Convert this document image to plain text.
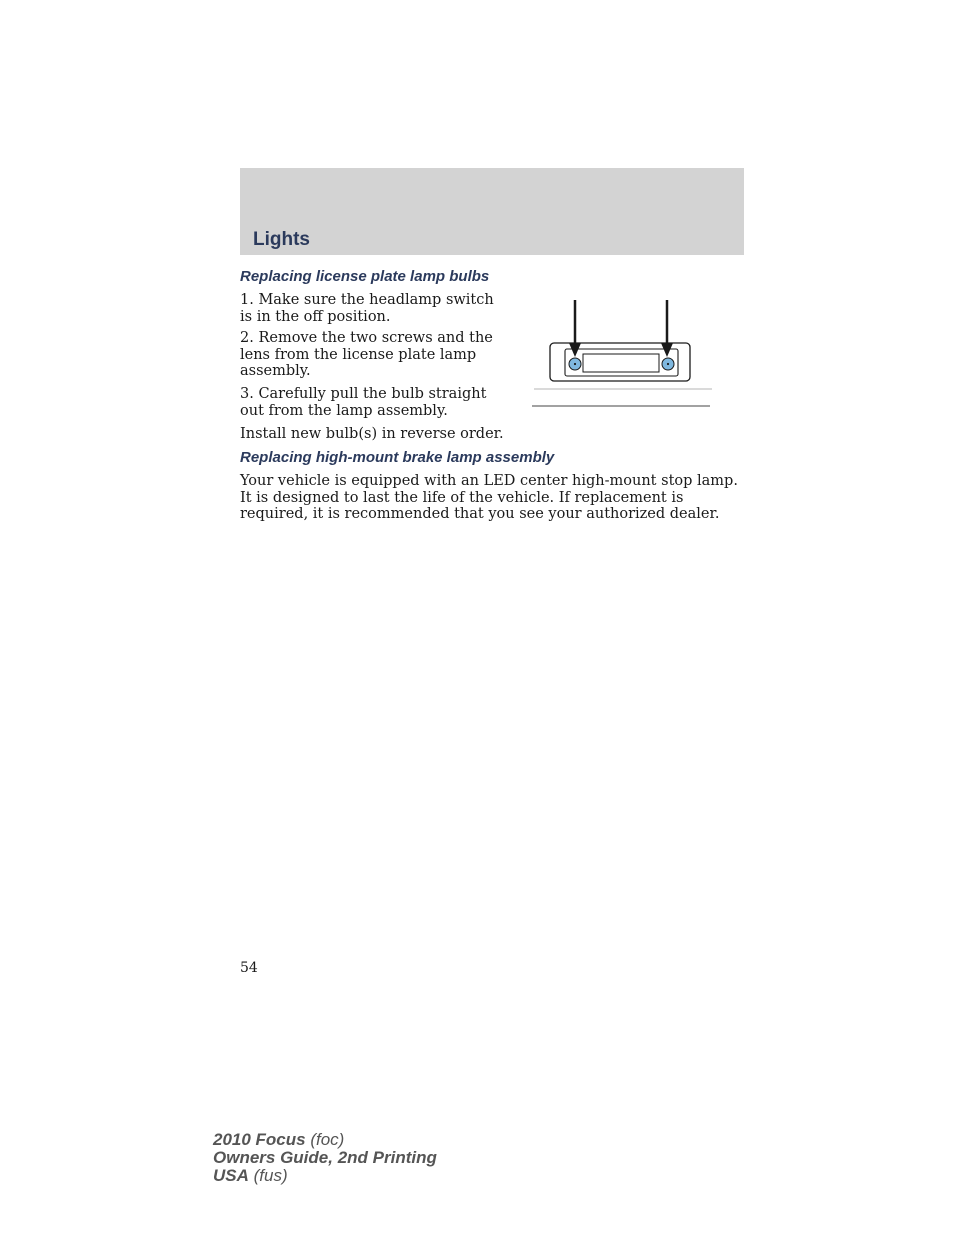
Lights
Replacing license plate lamp bulbs

1. Make sure the headlamp switch is in the off position.

2. Remove the two screws and the lens from the license plate lamp assembly.

3. Carefully pull the bulb straight out from the lamp assembly.

Install new bulb(s) in reverse order.

Replacing high-mount brake lamp assembly

Your vehicle is equipped with an LED center high-mount stop lamp. It is designed to last the life of the vehicle. If replacement is required, it is recommended that you see your authorized dealer.

54

2010 Focus (foc)
Owners Guide, 2nd Printing
USA (fus)
